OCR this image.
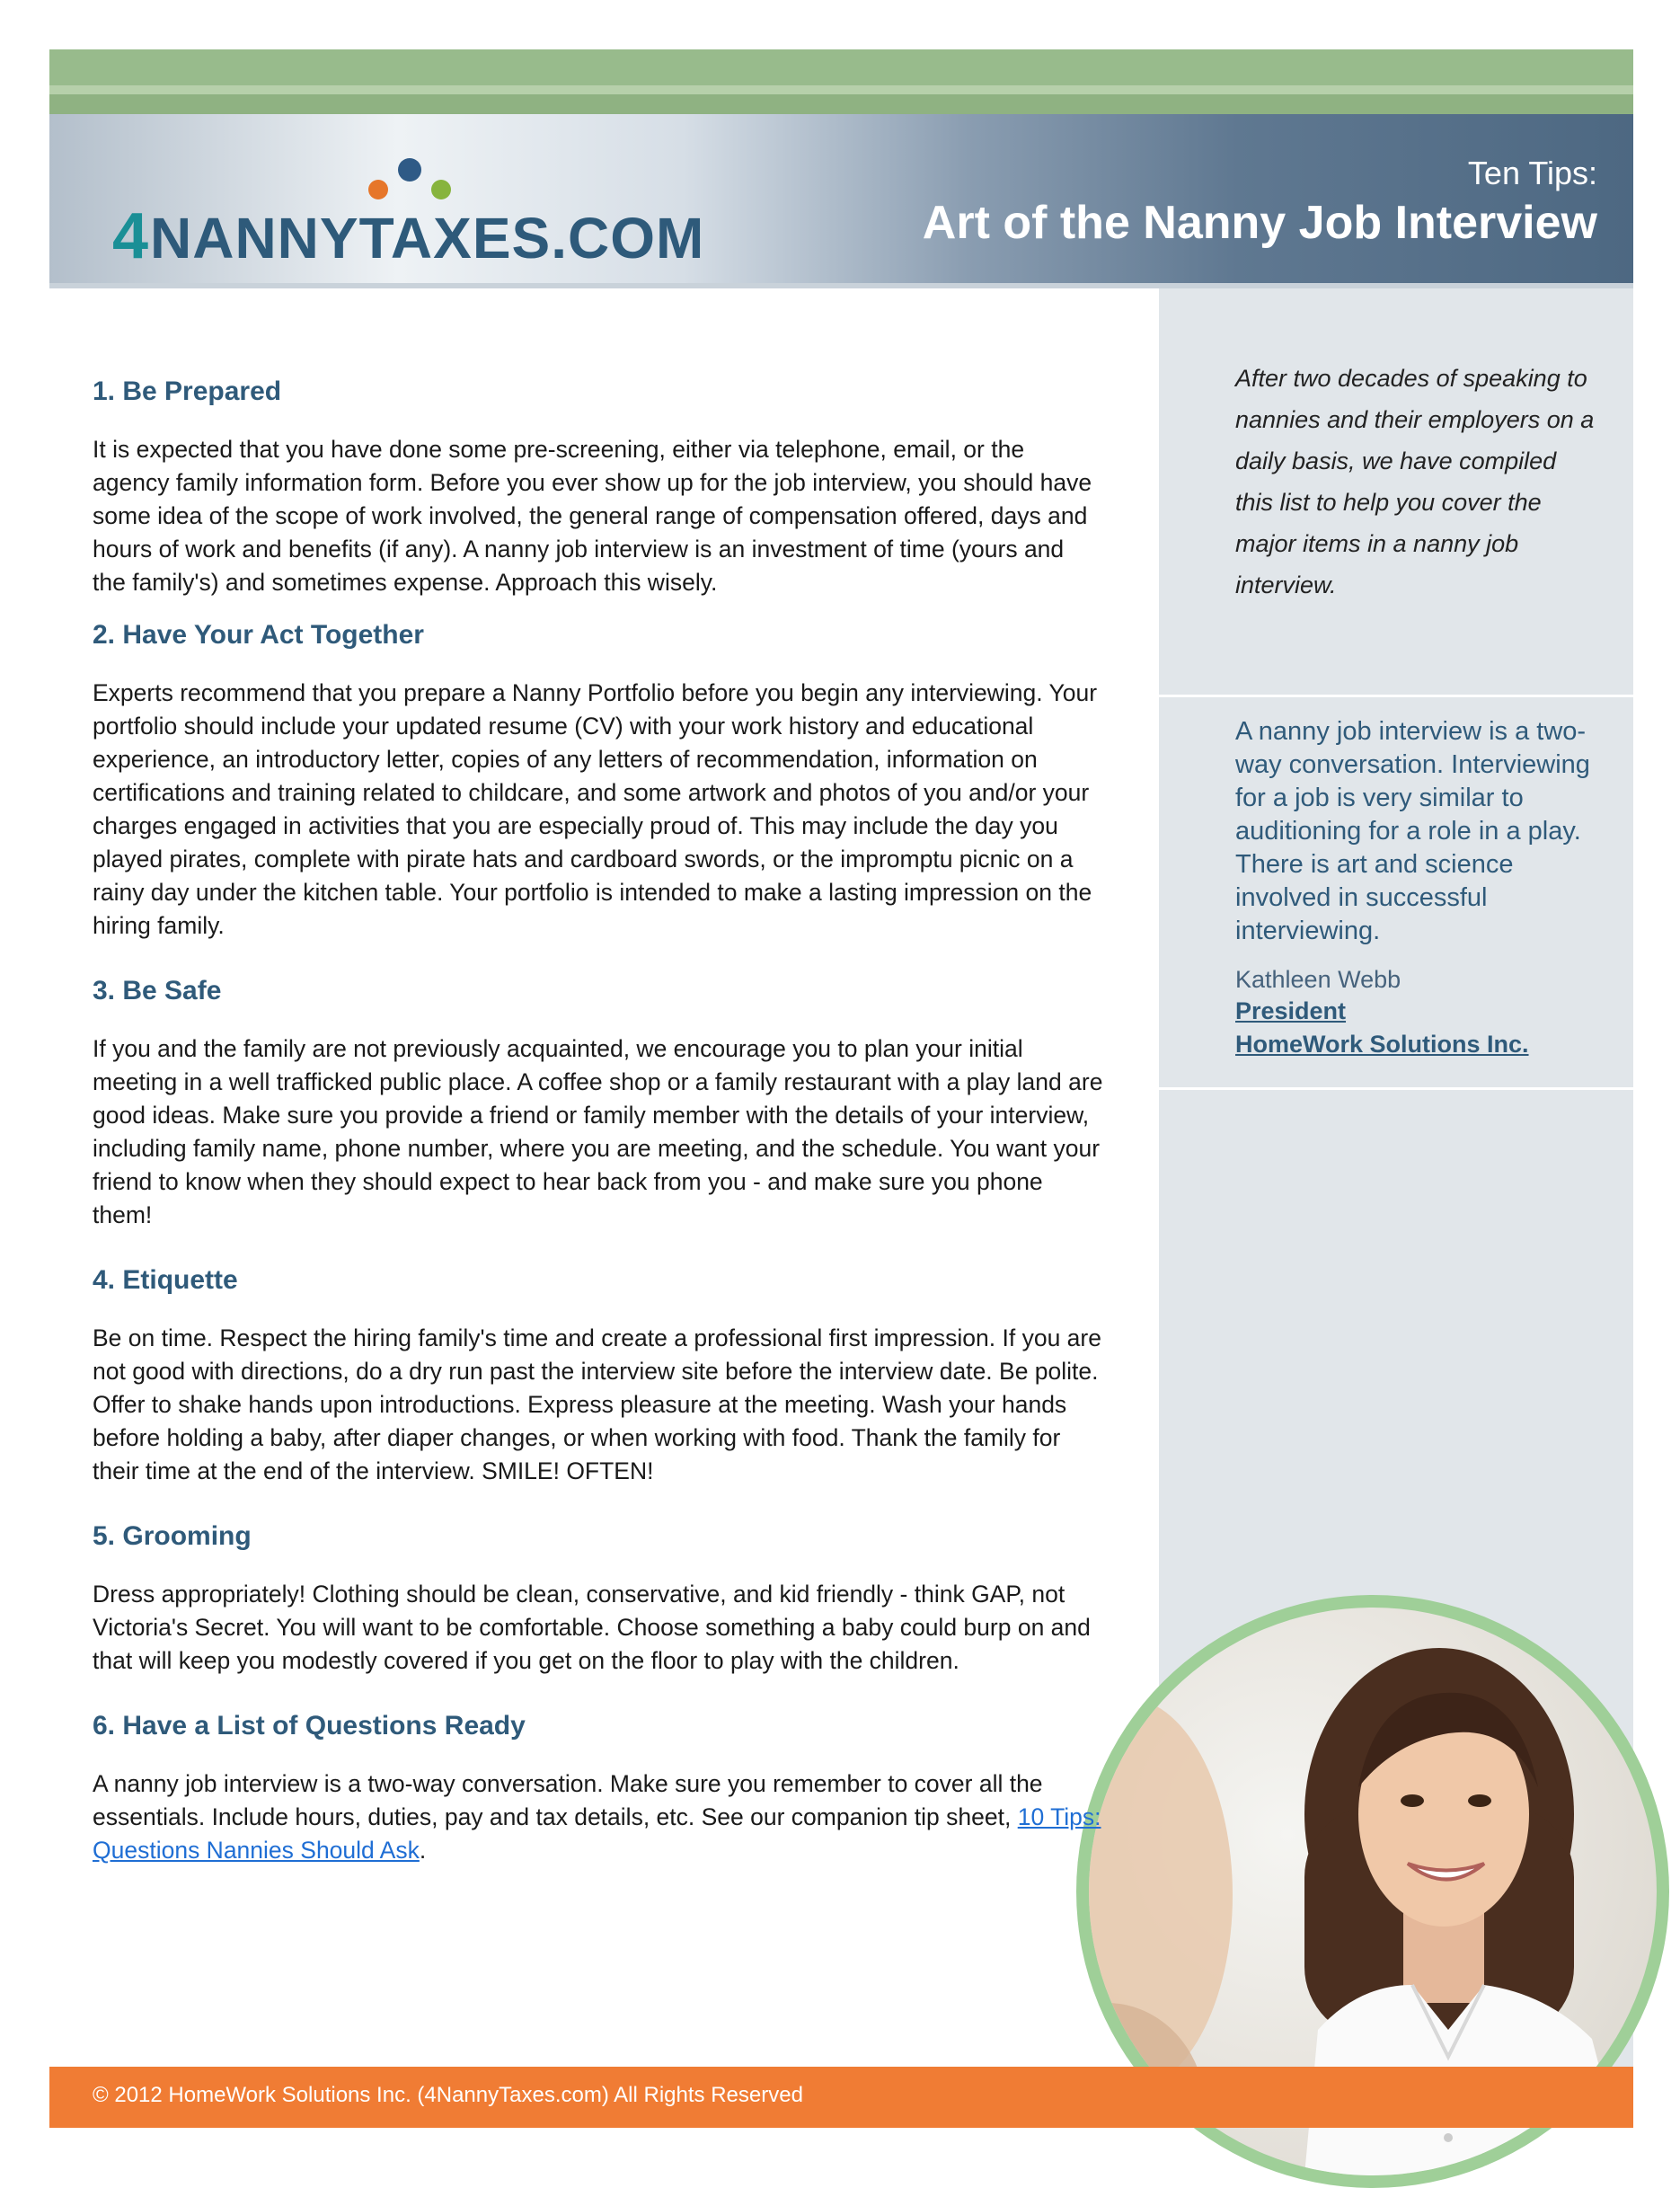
4 NANNYTAXES.COM
Ten Tips:
Art of the Nanny Job Interview
After two decades of speaking to nannies and their employers on a daily basis, we have compiled this list to help you cover the major items in a nanny job interview.
A nanny job interview is a two-way conversation. Interviewing for a job is very similar to auditioning for a role in a play. There is art and science involved in successful interviewing.
Kathleen Webb
President
HomeWork Solutions Inc.
1. Be Prepared

It is expected that you have done some pre-screening, either via telephone, email, or the agency family information form. Before you ever show up for the job interview, you should have some idea of the scope of work involved, the general range of compensation offered, days and hours of work and benefits (if any). A nanny job interview is an investment of time (yours and the family's) and sometimes expense. Approach this wisely.

2. Have Your Act Together

Experts recommend that you prepare a Nanny Portfolio before you begin any interviewing. Your portfolio should include your updated resume (CV) with your work history and educational experience, an introductory letter, copies of any letters of recommendation, information on certifications and training related to childcare, and some artwork and photos of you and/or your charges engaged in activities that you are especially proud of. This may include the day you played pirates, complete with pirate hats and cardboard swords, or the impromptu picnic on a rainy day under the kitchen table. Your portfolio is intended to make a lasting impression on the hiring family.

3. Be Safe

If you and the family are not previously acquainted, we encourage you to plan your initial meeting in a well trafficked public place. A coffee shop or a family restaurant with a play land are good ideas. Make sure you provide a friend or family member with the details of your interview, including family name, phone number, where you are meeting, and the schedule. You want your friend to know when they should expect to hear back from you - and make sure you phone them!

4. Etiquette

Be on time. Respect the hiring family's time and create a professional first impression. If you are not good with directions, do a dry run past the interview site before the interview date. Be polite. Offer to shake hands upon introductions. Express pleasure at the meeting. Wash your hands before holding a baby, after diaper changes, or when working with food. Thank the family for their time at the end of the interview. SMILE! OFTEN!

5. Grooming

Dress appropriately! Clothing should be clean, conservative, and kid friendly - think GAP, not Victoria's Secret. You will want to be comfortable. Choose something a baby could burp on and that will keep you modestly covered if you get on the floor to play with the children.

6. Have a List of Questions Ready

A nanny job interview is a two-way conversation. Make sure you remember to cover all the essentials. Include hours, duties, pay and tax details, etc. See our companion tip sheet, 10 Tips: Questions Nannies Should Ask.

© 2012 HomeWork Solutions Inc. (4NannyTaxes.com) All Rights Reserved
